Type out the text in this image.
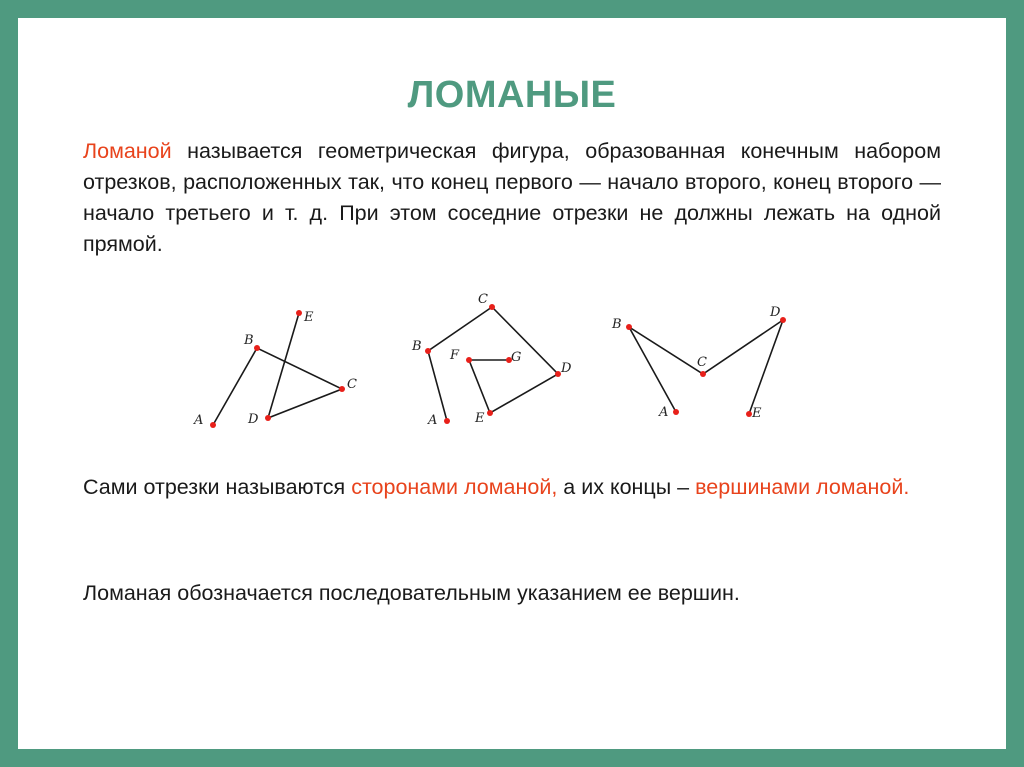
ЛОМАНЫЕ

Ломаной называется геометрическая фигура, образованная конечным набором отрезков, расположенных так, что конец первого — начало второго, конец второго — начало третьего и т. д. При этом соседние отрезки не должны лежать на одной прямой.

A
B
C
D
E
A
B
C
D
E
F	G
A
B
C
D
E

Сами отрезки называются сторонами ломаной, а их концы – вершинами ломаной.

Ломаная обозначается последовательным указанием ее вершин.
